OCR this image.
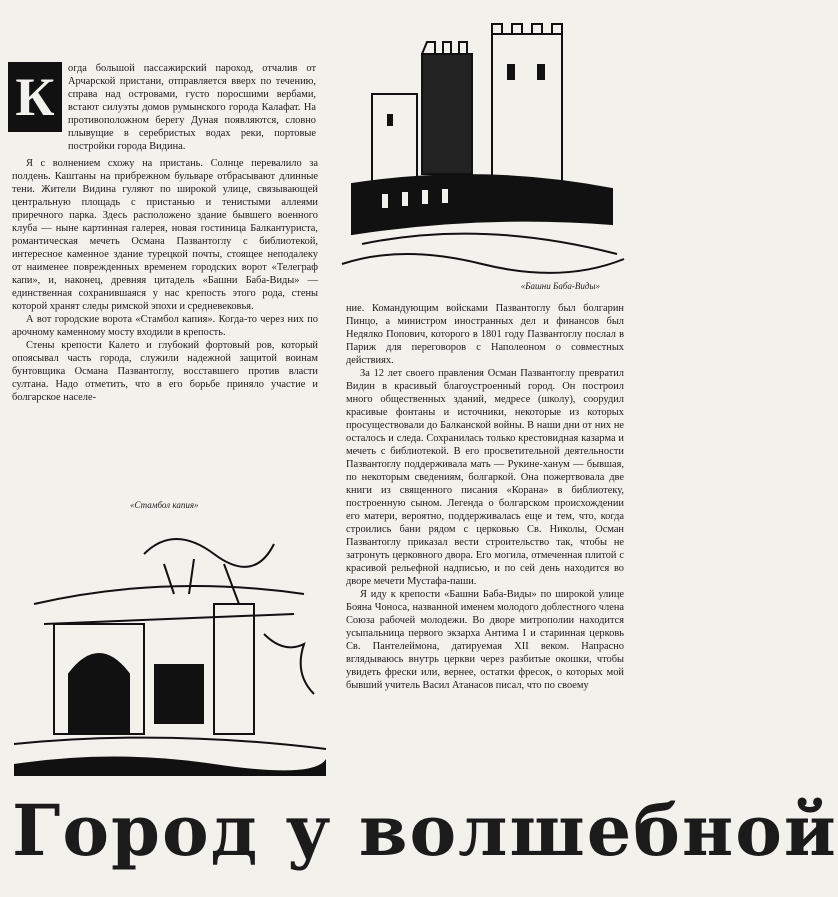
К	огда большой пассажирский пароход, отчалив от Арчарской пристани, отправляется вверх по течению, справа над островами, густо поросшими вербами, встают силуэты домов румынского города Калафат. На противоположном берегу Дуная появляются, словно плывущие в серебристых водах реки, портовые постройки города Видина.

Я с волнением схожу на пристань. Солнце перевалило за полдень. Каштаны на прибрежном бульваре отбрасывают длинные тени. Жители Видина гуляют по широкой улице, связывающей центральную площадь с пристанью и тенистыми аллеями приречного парка. Здесь расположено здание бывшего военного клуба — ныне картинная галерея, новая гостиница Балкантуриста, романтическая мечеть Османа Пазвантоглу с библиотекой, интересное каменное здание турецкой почты, стоящее неподалеку от наименее поврежденных временем городских ворот «Телеграф капи», и, наконец, древняя цитадель «Башни Баба-Виды» — единственная сохранившаяся у нас крепость этого рода, стены которой хранят следы римской эпохи и средневековья.

А вот городские ворота «Стамбол капия». Когда-то через них по арочному каменному мосту входили в крепость.

Стены крепости Калето и глубокий фортовый ров, который опоясывал часть города, служили надежной защитой воинам бунтовщика Османа Пазвантоглу, восставшего против власти султана. Надо отметить, что в его борьбе приняло участие и болгарское населе-

«Башни Баба-Виды»

ние. Командующим войсками Пазвантоглу был болгарин Пинцо, а министром иностранных дел и финансов был Недялко Попович, которого в 1801 году Пазвантоглу послал в Париж для переговоров с Наполеоном о совместных действиях.

За 12 лет своего правления Осман Пазвантоглу превратил Видин в красивый благоустроенный город. Он построил много общественных зданий, медресе (школу), соорудил красивые фонтаны и источники, некоторые из которых просуществовали до Балканской войны. В наши дни от них не осталось и следа. Сохранилась только крестовидная казарма и мечеть с библиотекой. В его просветительной деятельности Пазвантоглу поддерживала мать — Рукине-ханум — бывшая, по некоторым сведениям, болгаркой. Она пожертвовала две книги из священного писания «Корана» в библиотеку, построенную сыном. Легенда о болгарском происхождении его матери, вероятно, поддерживалась еще и тем, что, когда строились бани рядом с церковью Св. Николы, Осман Пазвантоглу приказал вести строительство так, чтобы не затронуть церковного двора. Его могила, отмеченная плитой с красивой рельефной надписью, и по сей день находится во дворе мечети Мустафа-паши.

Я иду к крепости «Башни Баба-Виды» по широкой улице Боянa Чоноса, названной именем молодого доблестного члена Союза рабочей молодежи. Во дворе митрополии находится усыпальница первого экзарха Антима I и старинная церковь Св. Пантелеймона, датируемая XII веком. Напрасно вглядываюсь внутрь церкви через разбитые окошки, чтобы увидеть фрески или, вернее, остатки фресок, о которых мой бывший учитель Васил Атанасов писал, что по своему

«Стамбол капия»
Город у волшебной
